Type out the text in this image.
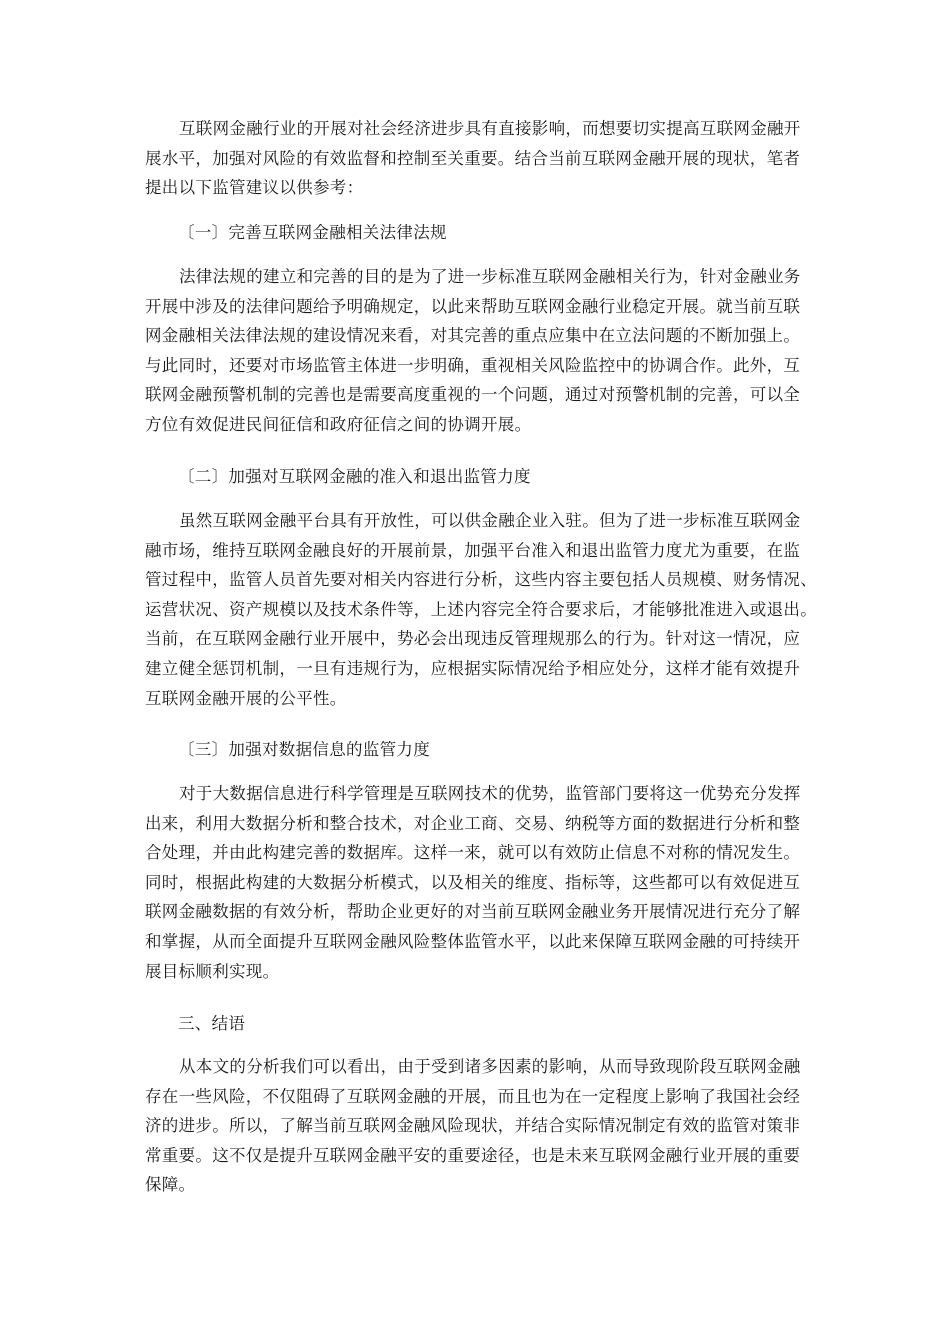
互联网金融行业的开展对社会经济进步具有直接影响，而想要切实提高互联网金融开
展水平，加强对风险的有效监督和控制至关重要。结合当前互联网金融开展的现状，笔者
提出以下监管建议以供参考：
〔一〕完善互联网金融相关法律法规
法律法规的建立和完善的目的是为了进一步标准互联网金融相关行为，针对金融业务
开展中涉及的法律问题给予明确规定，以此来帮助互联网金融行业稳定开展。就当前互联
网金融相关法律法规的建设情况来看，对其完善的重点应集中在立法问题的不断加强上。
与此同时，还要对市场监管主体进一步明确，重视相关风险监控中的协调合作。此外，互
联网金融预警机制的完善也是需要高度重视的一个问题，通过对预警机制的完善，可以全
方位有效促进民间征信和政府征信之间的协调开展。
〔二〕加强对互联网金融的准入和退出监管力度
虽然互联网金融平台具有开放性，可以供金融企业入驻。但为了进一步标准互联网金
融市场，维持互联网金融良好的开展前景，加强平台准入和退出监管力度尤为重要，在监
管过程中，监管人员首先要对相关内容进行分析，这些内容主要包括人员规模、财务情况、
运营状况、资产规模以及技术条件等，上述内容完全符合要求后，才能够批准进入或退出。
当前，在互联网金融行业开展中，势必会出现违反管理规那么的行为。针对这一情况，应
建立健全惩罚机制，一旦有违规行为，应根据实际情况给予相应处分，这样才能有效提升
互联网金融开展的公平性。
〔三〕加强对数据信息的监管力度
对于大数据信息进行科学管理是互联网技术的优势，监管部门要将这一优势充分发挥
出来，利用大数据分析和整合技术，对企业工商、交易、纳税等方面的数据进行分析和整
合处理，并由此构建完善的数据库。这样一来，就可以有效防止信息不对称的情况发生。
同时，根据此构建的大数据分析模式，以及相关的维度、指标等，这些都可以有效促进互
联网金融数据的有效分析，帮助企业更好的对当前互联网金融业务开展情况进行充分了解
和掌握，从而全面提升互联网金融风险整体监管水平，以此来保障互联网金融的可持续开
展目标顺利实现。
三、结语
从本文的分析我们可以看出，由于受到诸多因素的影响，从而导致现阶段互联网金融
存在一些风险，不仅阻碍了互联网金融的开展，而且也为在一定程度上影响了我国社会经
济的进步。所以，了解当前互联网金融风险现状，并结合实际情况制定有效的监管对策非
常重要。这不仅是提升互联网金融平安的重要途径，也是未来互联网金融行业开展的重要
保障。
